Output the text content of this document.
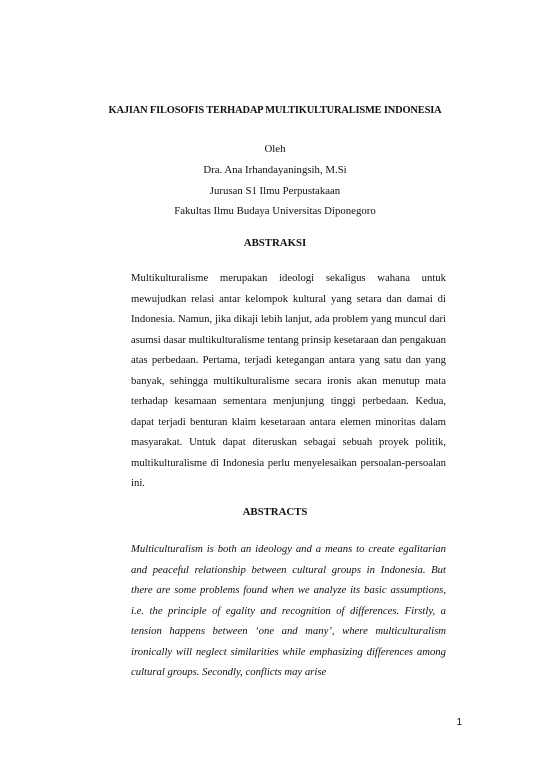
KAJIAN FILOSOFIS TERHADAP MULTIKULTURALISME INDONESIA
Oleh
Dra. Ana Irhandayaningsih, M.Si
Jurusan S1 Ilmu Perpustakaan
Fakultas Ilmu Budaya Universitas Diponegoro
ABSTRAKSI

Multikulturalisme merupakan ideologi sekaligus wahana untuk mewujudkan relasi antar kelompok kultural yang setara dan damai di Indonesia. Namun, jika dikaji lebih lanjut, ada problem yang muncul dari asumsi dasar multikulturalisme tentang prinsip kesetaraan dan pengakuan atas perbedaan. Pertama, terjadi ketegangan antara yang satu dan yang banyak, sehingga multikulturalisme secara ironis akan menutup mata terhadap kesamaan sementara menjunjung tinggi perbedaan. Kedua, dapat terjadi benturan klaim kesetaraan antara elemen minoritas dalam masyarakat. Untuk dapat diteruskan sebagai sebuah proyek politik, multikulturalisme di Indonesia perlu menyelesaikan persoalan-persoalan ini.

ABSTRACTS

Multiculturalism is both an ideology and a means to create egalitarian and peaceful relationship between cultural groups in Indonesia. But there are some problems found when we analyze its basic assumptions, i.e. the principle of egality and recognition of differences. Firstly, a tension happens between ‘one and many’, where multiculturalism ironically will neglect similarities while emphasizing differences among cultural groups. Secondly, conflicts may arise

1
